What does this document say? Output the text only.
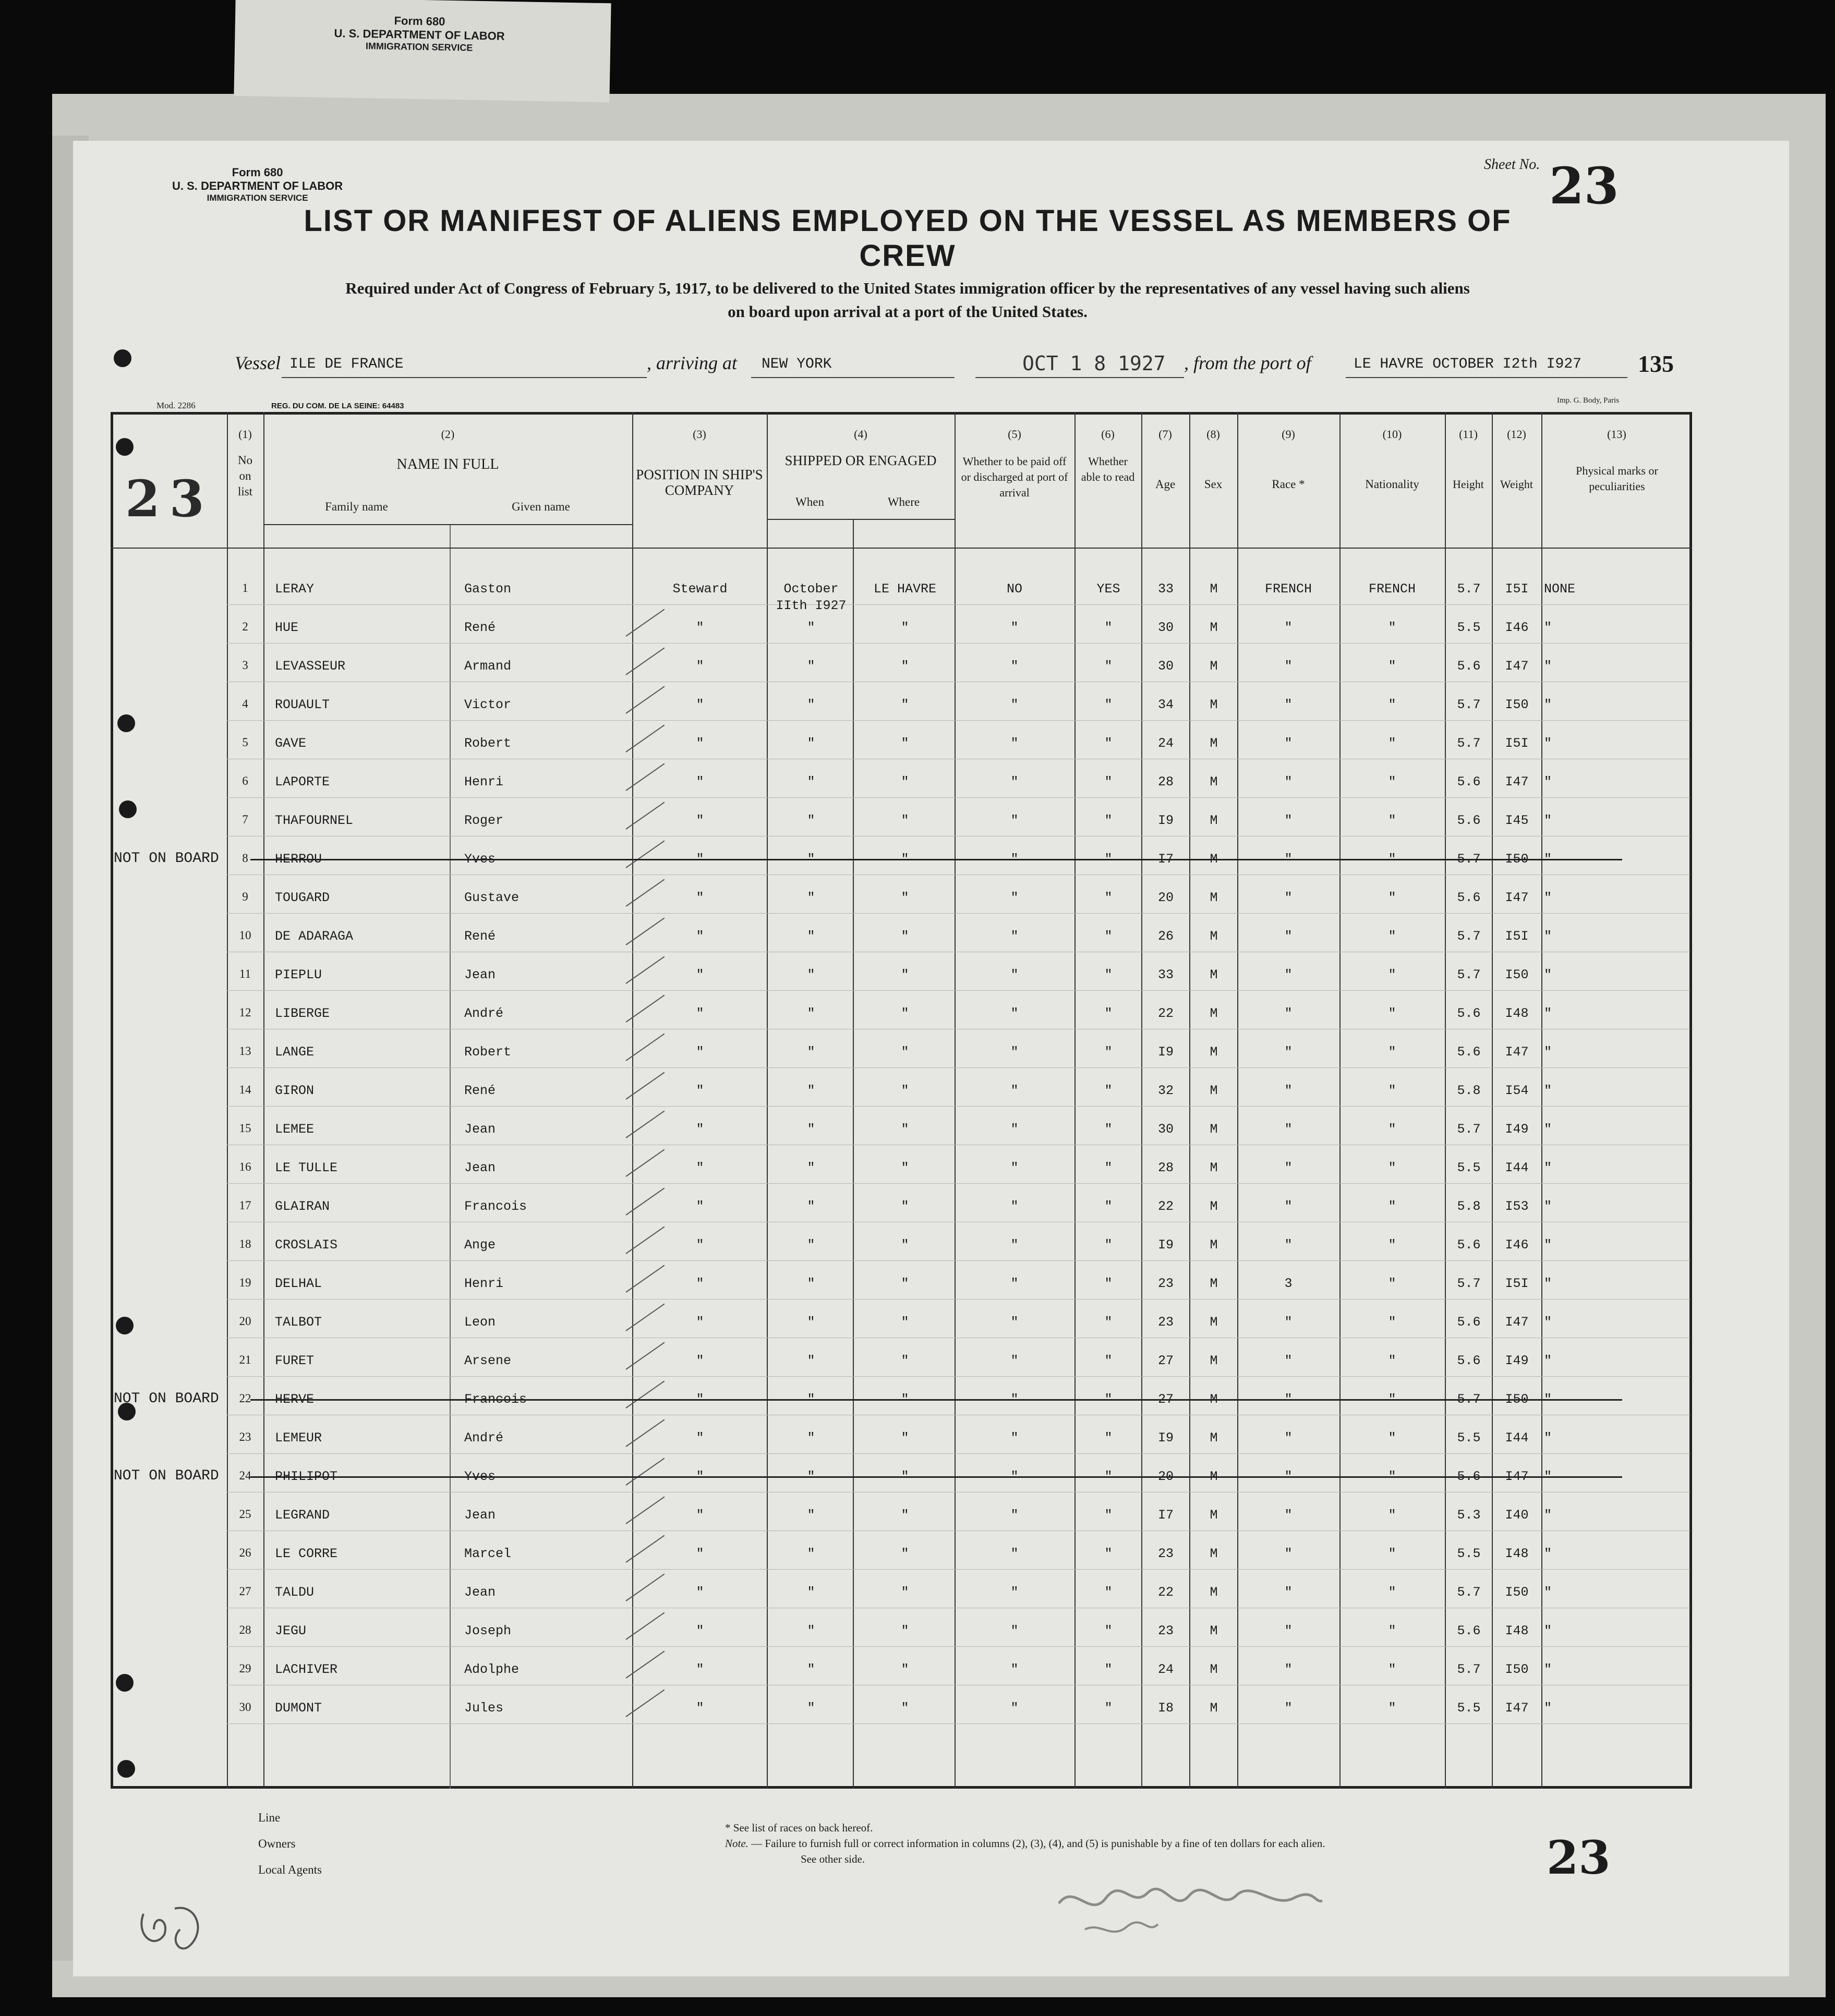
Form 680
U. S. DEPARTMENT OF LABOR
IMMIGRATION SERVICE
Form 680
U. S. DEPARTMENT OF LABOR
IMMIGRATION SERVICE
Sheet No. 23
23
LIST OR MANIFEST OF ALIENS EMPLOYED ON THE VESSEL AS MEMBERS OF CREW
Required under Act of Congress of February 5, 1917, to be delivered to the United States immigration officer by the representatives of any vessel having such aliens
on board upon arrival at a port of the United States.
Vessel ILE DE FRANCE	, arriving at NEW YORK	OCT 1 8 1927 , from the port of	LE HAVRE OCTOBER I2th I927 135
Mod. 2286	REG. DU COM. DE LA SEINE: 64483
Imp. G. Body, Paris
(1)
No
on
list
(2)
NAME IN FULL
Family name	Given name
(3)
POSITION IN SHIP'S COMPANY
(4)
SHIPPED OR ENGAGED
When	Where
(5)
Whether to be paid off or discharged at port of arrival
(6)
Whether able to read
(7)
Age
(8)
Sex
(9)
Race *
(10)
Nationality
(11)
Height
(12)
Weight
(13)
Physical marks or peculiarities
1	LERAY	Gaston	Steward	October	LE HAVRE	NO	YES	33	M	FRENCH	FRENCH	5.7	I5I	NONE
IIth I927
2	HUE	René	"	"	"	"	"	30	M	"	"	5.5	I46	"
3	LEVASSEUR	Armand	"	"	"	"	"	30	M	"	"	5.6	I47	"
4	ROUAULT	Victor	"	"	"	"	"	34	M	"	"	5.7	I50	"
5	GAVE	Robert	"	"	"	"	"	24	M	"	"	5.7	I5I	"
6	LAPORTE	Henri	"	"	"	"	"	28	M	"	"	5.6	I47	"
7	THAFOURNEL	Roger	"	"	"	"	"	I9	M	"	"	5.6	I45	"
8	HERROU	Yves	"	"	"	"	"	I7	M	"	"	5.7	I50	"
NOT ON BOARD
9	TOUGARD	Gustave	"	"	"	"	"	20	M	"	"	5.6	I47	"
10	DE ADARAGA	René	"	"	"	"	"	26	M	"	"	5.7	I5I	"
11	PIEPLU	Jean	"	"	"	"	"	33	M	"	"	5.7	I50	"
12	LIBERGE	André	"	"	"	"	"	22	M	"	"	5.6	I48	"
13	LANGE	Robert	"	"	"	"	"	I9	M	"	"	5.6	I47	"
14	GIRON	René	"	"	"	"	"	32	M	"	"	5.8	I54	"
15	LEMEE	Jean	"	"	"	"	"	30	M	"	"	5.7	I49	"
16	LE TULLE	Jean	"	"	"	"	"	28	M	"	"	5.5	I44	"
17	GLAIRAN	Francois	"	"	"	"	"	22	M	"	"	5.8	I53	"
18	CROSLAIS	Ange	"	"	"	"	"	I9	M	"	"	5.6	I46	"
19	DELHAL	Henri	"	"	"	"	"	23	M	3	"	5.7	I5I	"
20	TALBOT	Leon	"	"	"	"	"	23	M	"	"	5.6	I47	"
21	FURET	Arsene	"	"	"	"	"	27	M	"	"	5.6	I49	"
22	HERVE	Francois	"	"	"	"	"	27	M	"	"	5.7	I50	"
NOT ON BOARD
23	LEMEUR	André	"	"	"	"	"	I9	M	"	"	5.5	I44	"
24	PHILIPOT	Yves	"	"	"	"	"	20	M	"	"	5.6	I47	"
NOT ON BOARD
25	LEGRAND	Jean	"	"	"	"	"	I7	M	"	"	5.3	I40	"
26	LE CORRE	Marcel	"	"	"	"	"	23	M	"	"	5.5	I48	"
27	TALDU	Jean	"	"	"	"	"	22	M	"	"	5.7	I50	"
28	JEGU	Joseph	"	"	"	"	"	23	M	"	"	5.6	I48	"
29	LACHIVER	Adolphe	"	"	"	"	"	24	M	"	"	5.7	I50	"
30	DUMONT	Jules	"	"	"	"	"	I8	M	"	"	5.5	I47	"
Line
Owners
Local Agents
* See list of races on back hereof.
Note. — Failure to furnish full or correct information in columns (2), (3), (4), and (5) is punishable by a fine of ten dollars for each alien.
See other side.	23
